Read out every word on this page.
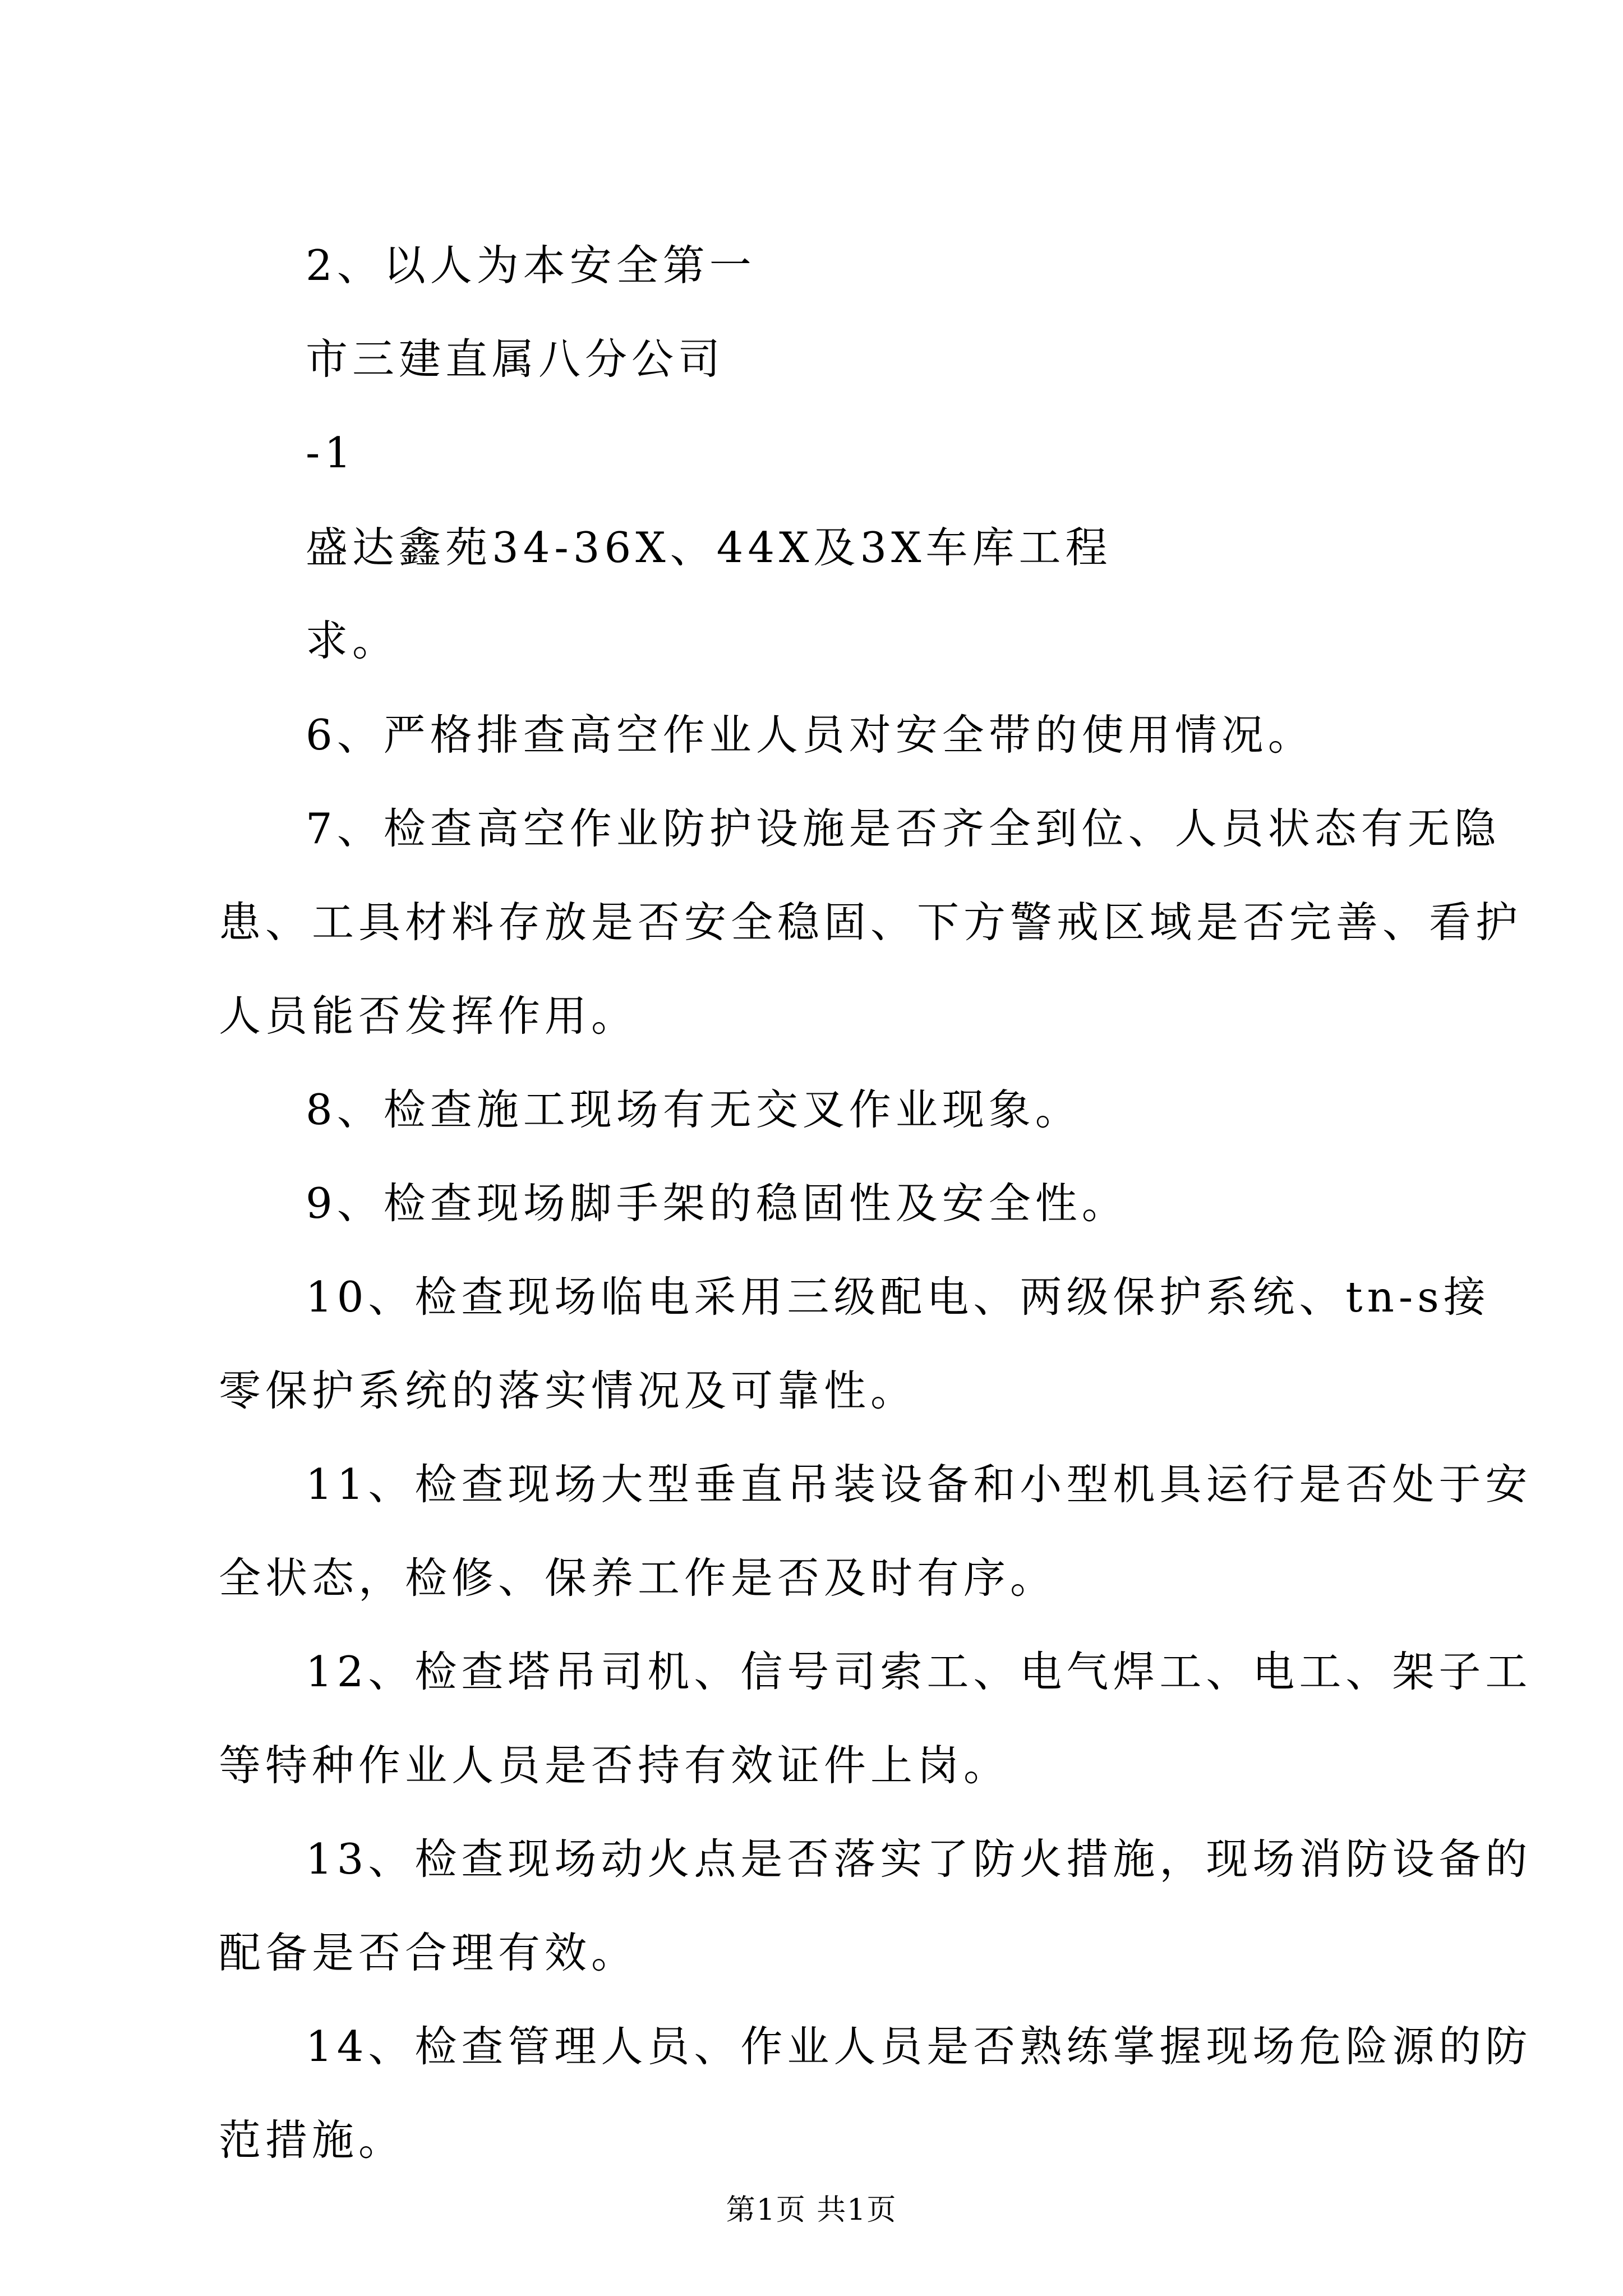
2、以人为本安全第一
市三建直属八分公司
-1
盛达鑫苑34-36X、44X及3X车库工程
求。
6、严格排查高空作业人员对安全带的使用情况。
7、检查高空作业防护设施是否齐全到位、人员状态有无隐
患、工具材料存放是否安全稳固、下方警戒区域是否完善、看护
人员能否发挥作用。
8、检查施工现场有无交叉作业现象。
9、检查现场脚手架的稳固性及安全性。
10、检查现场临电采用三级配电、两级保护系统、tn-s接
零保护系统的落实情况及可靠性。
11、检查现场大型垂直吊装设备和小型机具运行是否处于安
全状态，检修、保养工作是否及时有序。
12、检查塔吊司机、信号司索工、电气焊工、电工、架子工
等特种作业人员是否持有效证件上岗。
13、检查现场动火点是否落实了防火措施，现场消防设备的
配备是否合理有效。
14、检查管理人员、作业人员是否熟练掌握现场危险源的防
范措施。
第1页 共1页
